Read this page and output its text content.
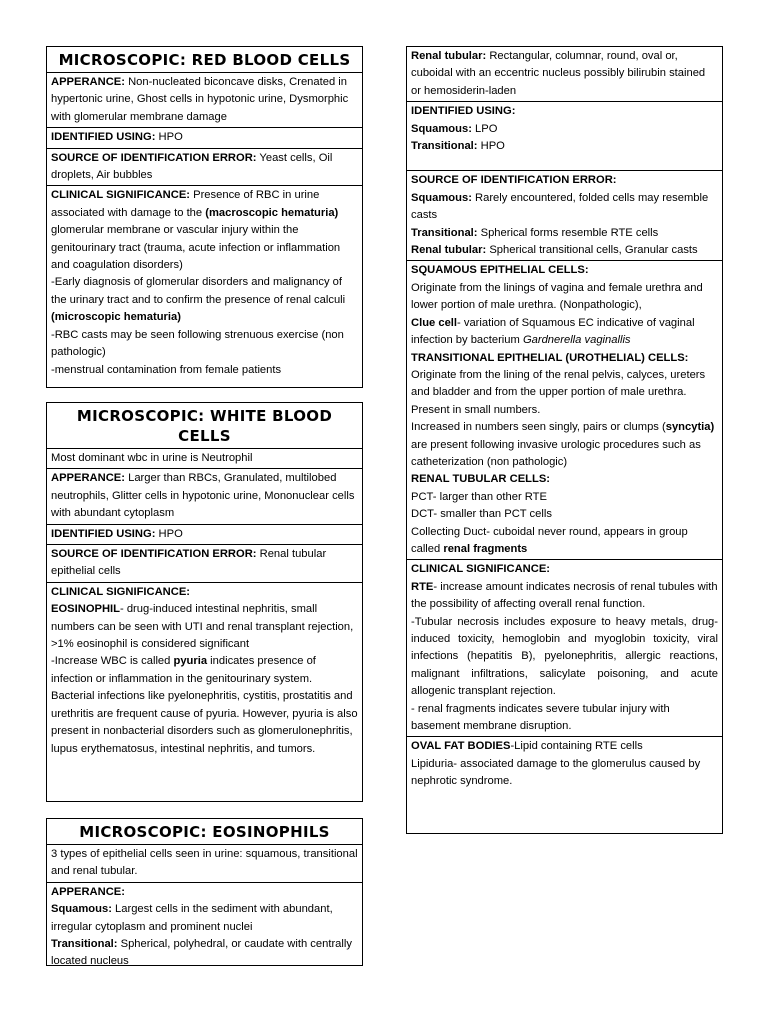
MICROSCOPIC: RED BLOOD CELLS
APPERANCE: Non-nucleated biconcave disks, Crenated in hypertonic urine, Ghost cells in hypotonic urine, Dysmorphic with glomerular membrane damage
IDENTIFIED USING: HPO
SOURCE OF IDENTIFICATION ERROR: Yeast cells, Oil droplets, Air bubbles
CLINICAL SIGNIFICANCE: Presence of RBC in urine associated with damage to the (macroscopic hematuria) glomerular membrane or vascular injury within the genitourinary tract (trauma, acute infection or inflammation and coagulation disorders)
-Early diagnosis of glomerular disorders and malignancy of the urinary tract and to confirm the presence of renal calculi (microscopic hematuria)
-RBC casts may be seen following strenuous exercise (non pathologic)
-menstrual contamination from female patients
MICROSCOPIC: WHITE BLOOD CELLS
Most dominant wbc in urine is Neutrophil
APPERANCE: Larger than RBCs, Granulated, multilobed neutrophils, Glitter cells in hypotonic urine, Mononuclear cells with abundant cytoplasm
IDENTIFIED USING: HPO
SOURCE OF IDENTIFICATION ERROR: Renal tubular epithelial cells
CLINICAL SIGNIFICANCE:
EOSINOPHIL- drug-induced intestinal nephritis, small numbers can be seen with UTI and renal transplant rejection, >1% eosinophil is considered significant
-Increase WBC is called pyuria indicates presence of infection or inflammation in the genitourinary system. Bacterial infections like pyelonephritis, cystitis, prostatitis and urethritis are frequent cause of pyuria. However, pyuria is also present in nonbacterial disorders such as glomerulonephritis, lupus erythematosus, intestinal nephritis, and tumors.
MICROSCOPIC: EOSINOPHILS
3 types of epithelial cells seen in urine: squamous, transitional and renal tubular.
APPERANCE:
Squamous: Largest cells in the sediment with abundant, irregular cytoplasm and prominent nuclei
Transitional: Spherical, polyhedral, or caudate with centrally located nucleus
Renal tubular: Rectangular, columnar, round, oval or, cuboidal with an eccentric nucleus possibly bilirubin stained or hemosiderin-laden
IDENTIFIED USING:
Squamous: LPO
Transitional: HPO
SOURCE OF IDENTIFICATION ERROR:
Squamous: Rarely encountered, folded cells may resemble casts
Transitional: Spherical forms resemble RTE cells
Renal tubular: Spherical transitional cells, Granular casts
SQUAMOUS EPITHELIAL CELLS:
Originate from the linings of vagina and female urethra and lower portion of male urethra. (Nonpathologic),
Clue cell- variation of Squamous EC indicative of vaginal infection by bacterium Gardnerella vaginallis
TRANSITIONAL EPITHELIAL (UROTHELIAL) CELLS:
Originate from the lining of the renal pelvis, calyces, ureters and bladder and from the upper portion of male urethra. Present in small numbers.
Increased in numbers seen singly, pairs or clumps (syncytia) are present following invasive urologic procedures such as catheterization (non pathologic)
RENAL TUBULAR CELLS:
PCT- larger than other RTE
DCT- smaller than PCT cells
Collecting Duct- cuboidal never round, appears in group called renal fragments
CLINICAL SIGNIFICANCE:
RTE- increase amount indicates necrosis of renal tubules with the possibility of affecting overall renal function.
-Tubular necrosis includes exposure to heavy metals, drug-induced toxicity, hemoglobin and myoglobin toxicity, viral infections (hepatitis B), pyelonephritis, allergic reactions, malignant infiltrations, salicylate poisoning, and acute allogenic transplant rejection.
- renal fragments indicates severe tubular injury with basement membrane disruption.
OVAL FAT BODIES-Lipid containing RTE cells
Lipiduria- associated damage to the glomerulus caused by nephrotic syndrome.
